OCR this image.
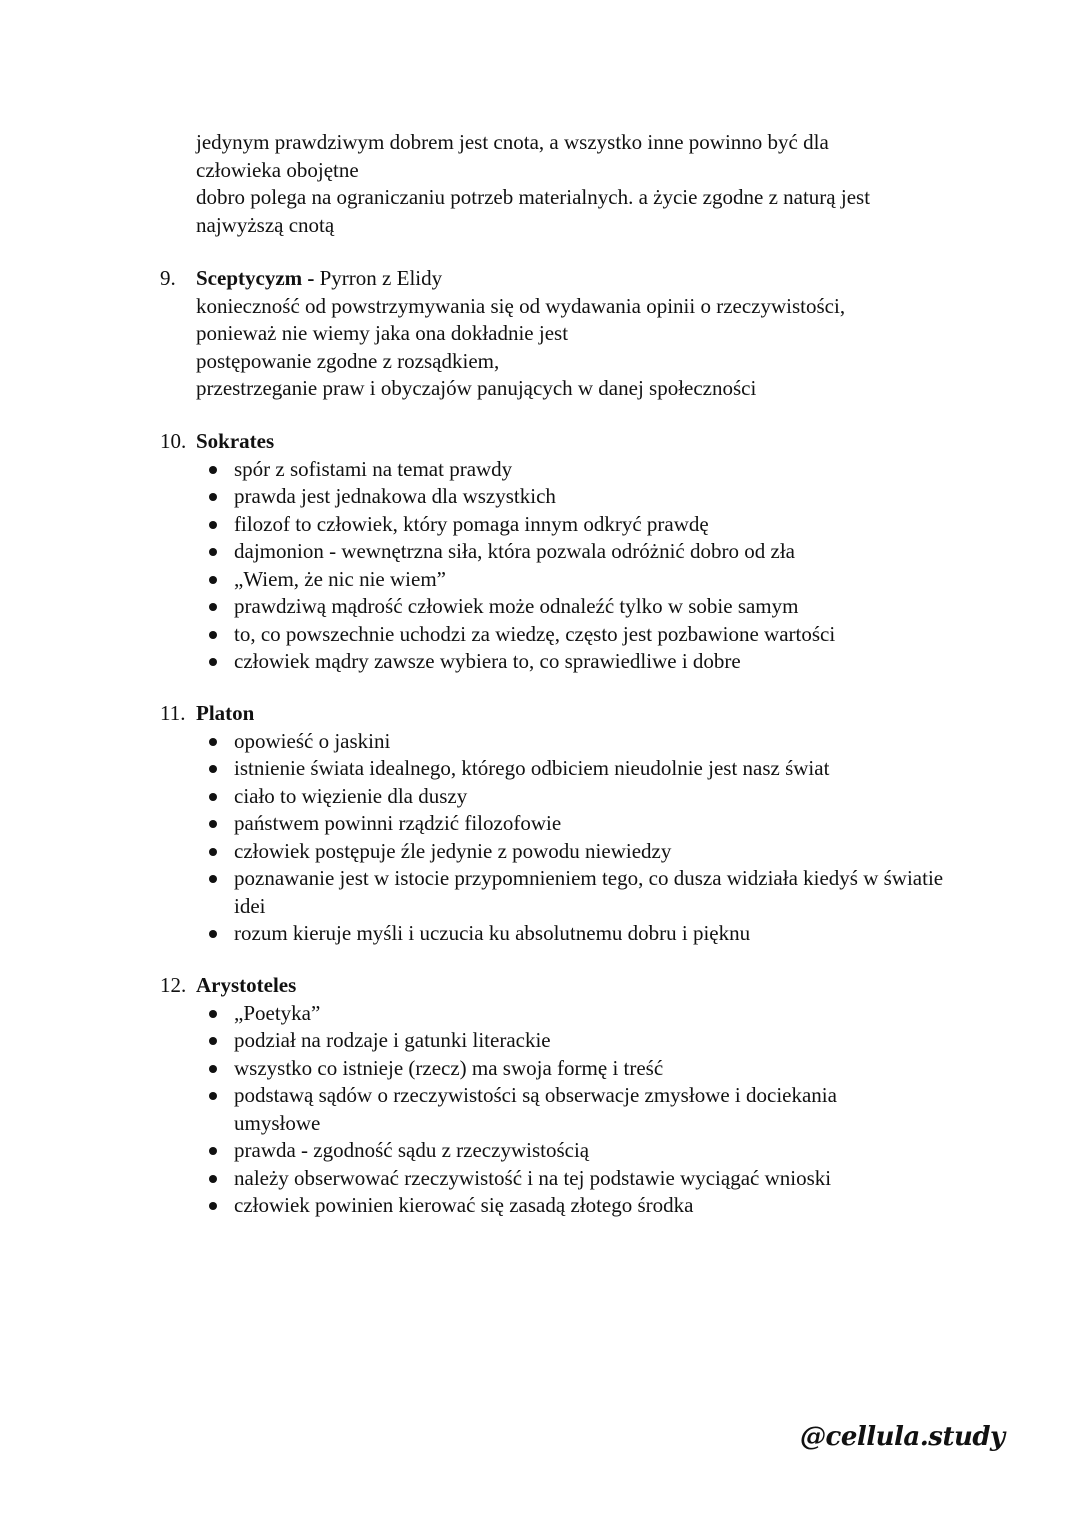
jedynym prawdziwym dobrem jest cnota, a wszystko inne powinno być dla

człowieka obojętne

dobro polega na ograniczaniu potrzeb materialnych. a życie zgodne z naturą jest

najwyższą cnotą

9. Sceptycyzm - Pyrron z Elidy

konieczność od powstrzymywania się od wydawania opinii o rzeczywistości,

ponieważ nie wiemy jaka ona dokładnie jest

postępowanie zgodne z rozsądkiem,

przestrzeganie praw i obyczajów panujących w danej społeczności

10. Sokrates
spór z sofistami na temat prawdy
prawda jest jednakowa dla wszystkich
filozof to człowiek, który pomaga innym odkryć prawdę
dajmonion - wewnętrzna siła, która pozwala odróżnić dobro od zła
„Wiem, że nic nie wiem”
prawdziwą mądrość człowiek może odnaleźć tylko w sobie samym
to, co powszechnie uchodzi za wiedzę, często jest pozbawione wartości
człowiek mądry zawsze wybiera to, co sprawiedliwe i dobre
11. Platon
opowieść o jaskini
istnienie świata idealnego, którego odbiciem nieudolnie jest nasz świat
ciało to więzienie dla duszy
państwem powinni rządzić filozofowie
człowiek postępuje źle jedynie z powodu niewiedzy
poznawanie jest w istocie przypomnieniem tego, co dusza widziała kiedyś w światie idei
rozum kieruje myśli i uczucia ku absolutnemu dobru i pięknu
12. Arystoteles
„Poetyka”
podział na rodzaje i gatunki literackie
wszystko co istnieje (rzecz) ma swoja formę i treść
podstawą sądów o rzeczywistości są obserwacje zmysłowe i dociekania umysłowe
prawda - zgodność sądu z rzeczywistością
należy obserwować rzeczywistość i na tej podstawie wyciągać wnioski
człowiek powinien kierować się zasadą złotego środka
@cellula.study
